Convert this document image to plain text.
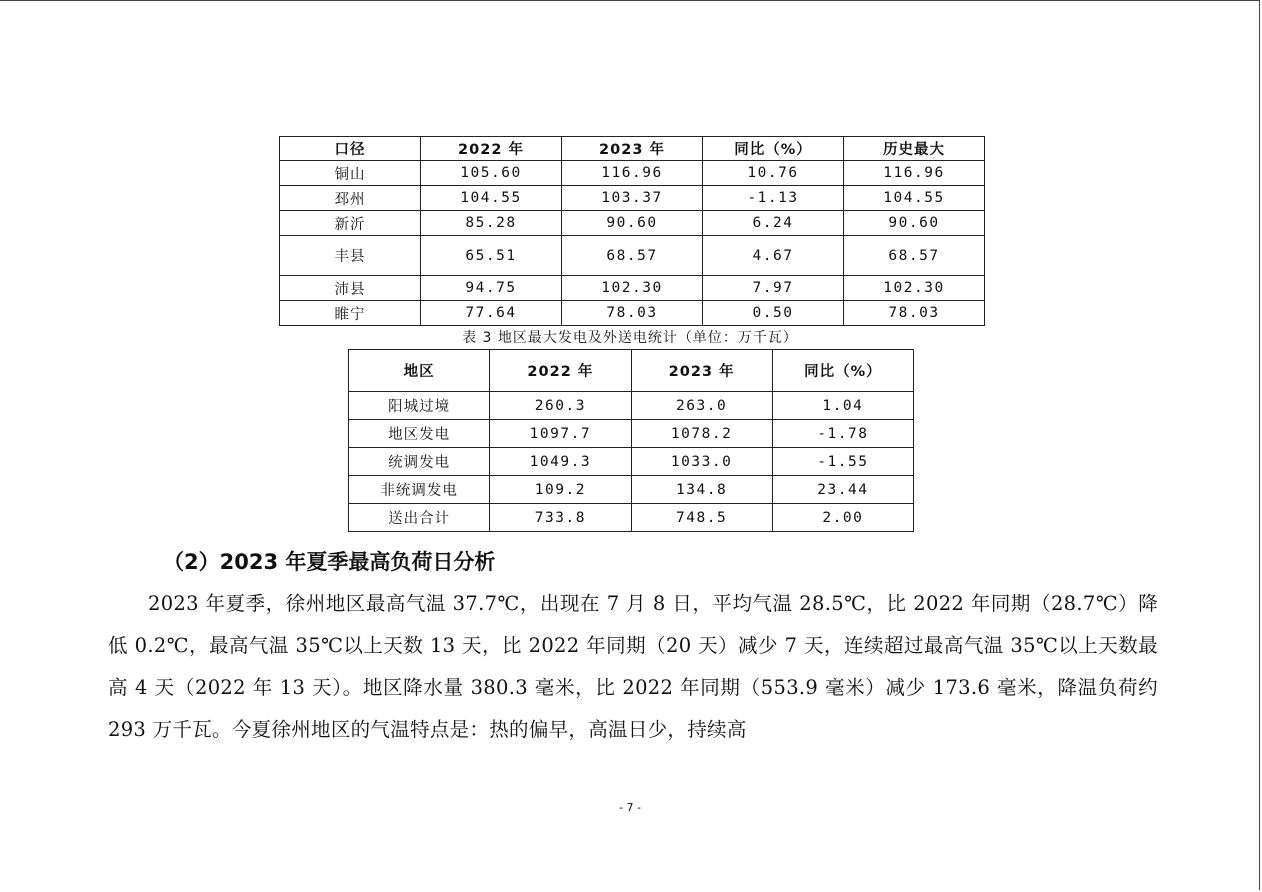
口径	2022 年	2023 年	同比（%）	历史最大
铜山	105.60	116.96	10.76	116.96
邳州	104.55	103.37	-1.13	104.55
新沂	85.28	90.60	6.24	90.60
丰县	65.51	68.57	4.67	68.57
沛县	94.75	102.30	7.97	102.30
睢宁	77.64	78.03	0.50	78.03
表 3 地区最大发电及外送电统计（单位：万千瓦）
地区	2022 年	2023 年	同比（%）
阳城过境	260.3	263.0	1.04
地区发电	1097.7	1078.2	-1.78
统调发电	1049.3	1033.0	-1.55
非统调发电	109.2	134.8	23.44
送出合计	733.8	748.5	2.00
（2）2023 年夏季最高负荷日分析

2023 年夏季，徐州地区最高气温 37.7℃，出现在 7 月 8 日，平均气温 28.5℃，比 2022 年同期（28.7℃）降低 0.2℃，最高气温 35℃以上天数 13 天，比 2022 年同期（20 天）减少 7 天，连续超过最高气温 35℃以上天数最高 4 天（2022 年 13 天）。地区降水量 380.3 毫米，比 2022 年同期（553.9 毫米）减少 173.6 毫米，降温负荷约 293 万千瓦。今夏徐州地区的气温特点是：热的偏早，高温日少，持续高

- 7 -
